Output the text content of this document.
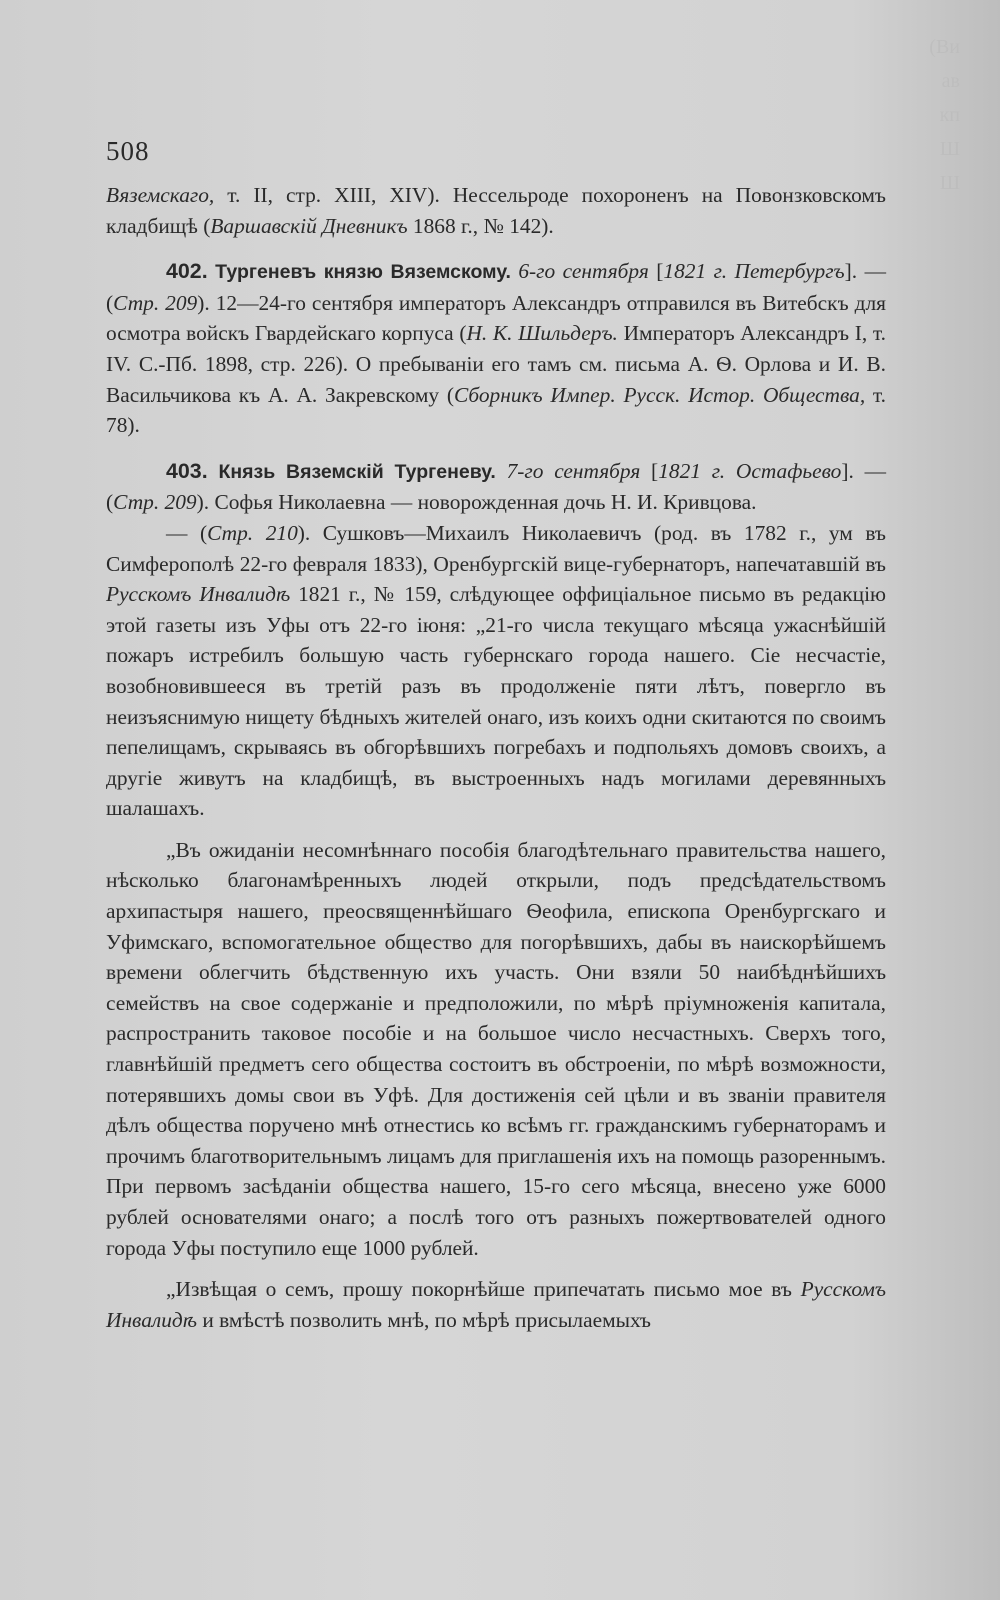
(Ви
ав
кп
Ш
Ш
508

Вяземскаго, т. II, стр. XIII, XIV). Нессельроде похороненъ на Повонзковскомъ кладбищѣ (Варшавскій Дневникъ 1868 г., № 142).

402. Тургеневъ князю Вяземскому. 6-го сентября [1821 г. Петербургъ]. — (Стр. 209). 12—24-го сентября императоръ Александръ отправился въ Витебскъ для осмотра войскъ Гвардейскаго корпуса (Н. К. Шильдеръ. Императоръ Александръ I, т. IV. С.-Пб. 1898, стр. 226). О пребываніи его тамъ см. письма А. Ѳ. Орлова и И. В. Васильчикова къ А. А. Закревскому (Сборникъ Импер. Русск. Истор. Общества, т. 78).

403. Князь Вяземскій Тургеневу. 7-го сентября [1821 г. Остафьево]. — (Стр. 209). Софья Николаевна — новорожденная дочь Н. И. Кривцова.

— (Стр. 210). Сушковъ—Михаилъ Николаевичъ (род. въ 1782 г., ум въ Симферополѣ 22-го февраля 1833), Оренбургскій вице-губернаторъ, напечатавшій въ Русскомъ Инвалидѣ 1821 г., № 159, слѣдующее оффиціальное письмо въ редакцію этой газеты изъ Уфы отъ 22-го іюня: „21-го числа текущаго мѣсяца ужаснѣйшій пожаръ истребилъ большую часть губернскаго города нашего. Сіе несчастіе, возобновившееся въ третій разъ въ продолженіе пяти лѣтъ, повергло въ неизъяснимую нищету бѣдныхъ жителей онаго, изъ коихъ одни скитаются по своимъ пепелищамъ, скрываясь въ обгорѣвшихъ погребахъ и подпольяхъ домовъ своихъ, а другіе живутъ на кладбищѣ, въ выстроенныхъ надъ могилами деревянныхъ шалашахъ.

„Въ ожиданіи несомнѣннаго пособія благодѣтельнаго правительства нашего, нѣсколько благонамѣренныхъ людей открыли, подъ предсѣдательствомъ архипастыря нашего, преосвященнѣйшаго Ѳеофила, епископа Оренбургскаго и Уфимскаго, вспомогательное общество для погорѣвшихъ, дабы въ наискорѣйшемъ времени облегчить бѣдственную ихъ участь. Они взяли 50 наибѣднѣйшихъ семействъ на свое содержаніе и предположили, по мѣрѣ пріумноженія капитала, распространить таковое пособіе и на большое число несчастныхъ. Сверхъ того, главнѣйшій предметъ сего общества состоитъ въ обстроеніи, по мѣрѣ возможности, потерявшихъ домы свои въ Уфѣ. Для достиженія сей цѣли и въ званіи правителя дѣлъ общества поручено мнѣ отнестись ко всѣмъ гг. гражданскимъ губернаторамъ и прочимъ благотворительнымъ лицамъ для приглашенія ихъ на помощь разореннымъ. При первомъ засѣданіи общества нашего, 15-го сего мѣсяца, внесено уже 6000 рублей основателями онаго; а послѣ того отъ разныхъ пожертвователей одного города Уфы поступило еще 1000 рублей.

„Извѣщая о семъ, прошу покорнѣйше припечатать письмо мое въ Русскомъ Инвалидѣ и вмѣстѣ позволить мнѣ, по мѣрѣ присылаемыхъ
